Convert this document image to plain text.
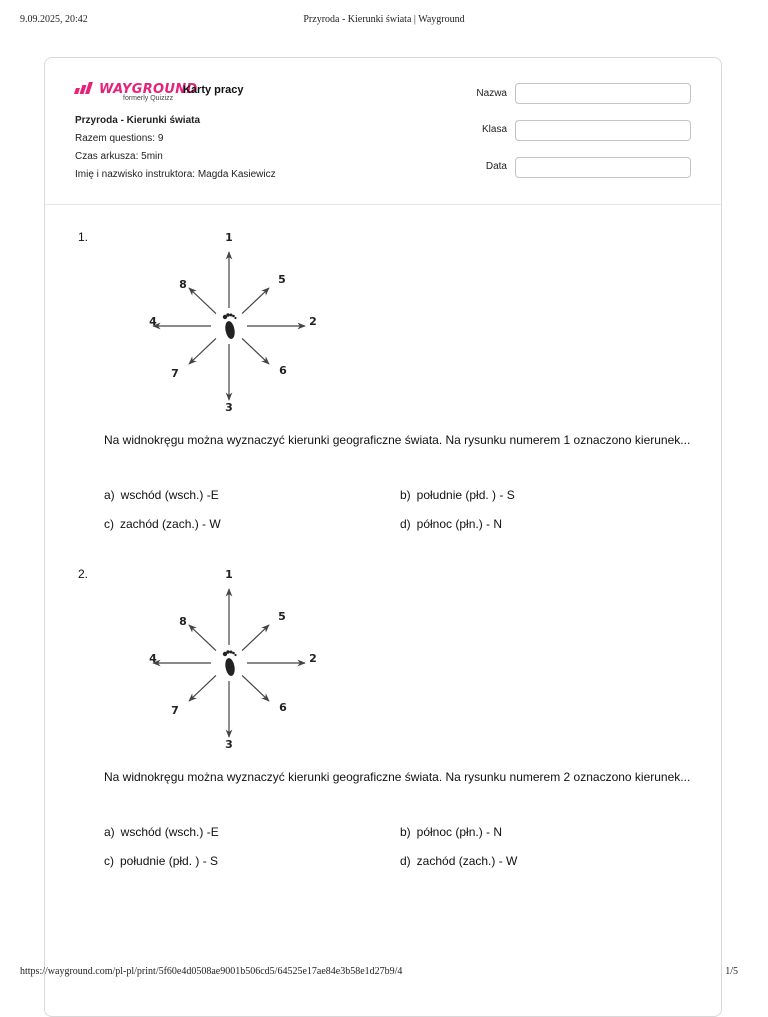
9.09.2025, 20:42	Przyroda - Kierunki świata | Wayground
WAYGROUND
formerly Quizizz
Karty pracy
Przyroda - Kierunki świata
Razem questions: 9
Czas arkusza: 5min
Imię i nazwisko instruktora: Magda Kasiewicz
Nazwa
Klasa
Data
1.	1
5
2
6
3
7
4
8
Na widnokręgu można wyznaczyć kierunki geograficzne świata. Na rysunku numerem 1 oznaczono kierunek...
a) wschód (wsch.) -E	b) południe (płd. ) - S
c) zachód (zach.) - W	d) północ (płn.) - N
2.	1
5
2
6
3
7
4
8
Na widnokręgu można wyznaczyć kierunki geograficzne świata. Na rysunku numerem 2 oznaczono kierunek...
a) wschód (wsch.) -E	b) północ (płn.) - N
c) południe (płd. ) - S	d) zachód (zach.) - W
https://wayground.com/pl-pl/print/5f60e4d0508ae9001b506cd5/64525e17ae84e3b58e1d27b9/4	1/5
